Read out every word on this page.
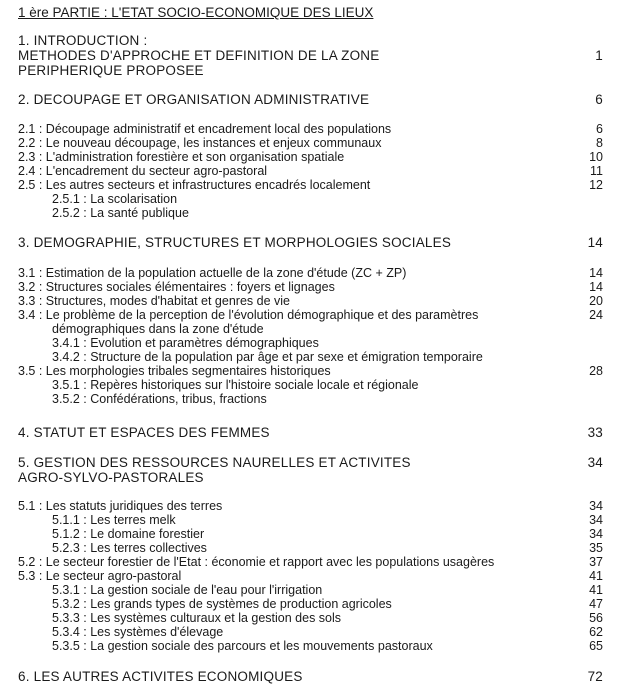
1 ère PARTIE : L'ETAT SOCIO-ECONOMIQUE DES LIEUX
1. INTRODUCTION :
METHODES D'APPROCHE ET DEFINITION DE LA ZONE	1
PERIPHERIQUE PROPOSEE
2. DECOUPAGE ET ORGANISATION ADMINISTRATIVE	6
2.1 : Découpage administratif et encadrement local des populations	6
2.2 : Le nouveau découpage, les instances et enjeux communaux	8
2.3 : L'administration forestière et son organisation spatiale	10
2.4 : L'encadrement du secteur agro-pastoral	11
2.5 : Les autres secteurs et infrastructures encadrés localement	12
2.5.1 : La scolarisation
2.5.2 : La santé publique
3. DEMOGRAPHIE, STRUCTURES ET MORPHOLOGIES SOCIALES	14
3.1 : Estimation de la population actuelle de la zone d'étude (ZC + ZP)	14
3.2 : Structures sociales élémentaires : foyers et lignages	14
3.3 : Structures, modes d'habitat et genres de vie	20
3.4 : Le problème de la perception de l'évolution démographique et des paramètres	24
démographiques dans la zone d'étude
3.4.1 : Evolution et paramètres démographiques
3.4.2 : Structure de la population par âge et par sexe et émigration temporaire
3.5 : Les morphologies tribales segmentaires historiques	28
3.5.1 : Repères historiques sur l'histoire sociale locale et régionale
3.5.2 : Confédérations, tribus, fractions
4. STATUT ET ESPACES DES FEMMES	33
5. GESTION DES RESSOURCES NAURELLES ET ACTIVITES	34
AGRO-SYLVO-PASTORALES
5.1 : Les statuts juridiques des terres	34
5.1.1 : Les terres melk	34
5.1.2 : Le domaine forestier	34
5.2.3 : Les terres collectives	35
5.2 : Le secteur forestier de l'Etat : économie et rapport avec les populations usagères	37
5.3 : Le secteur agro-pastoral	41
5.3.1 : La gestion sociale de l'eau pour l'irrigation	41
5.3.2 : Les grands types de systèmes de production agricoles	47
5.3.3 : Les systèmes culturaux et la gestion des sols	56
5.3.4 : Les systèmes d'élevage	62
5.3.5 : La gestion sociale des parcours et les mouvements pastoraux	65
6. LES AUTRES ACTIVITES ECONOMIQUES	72
